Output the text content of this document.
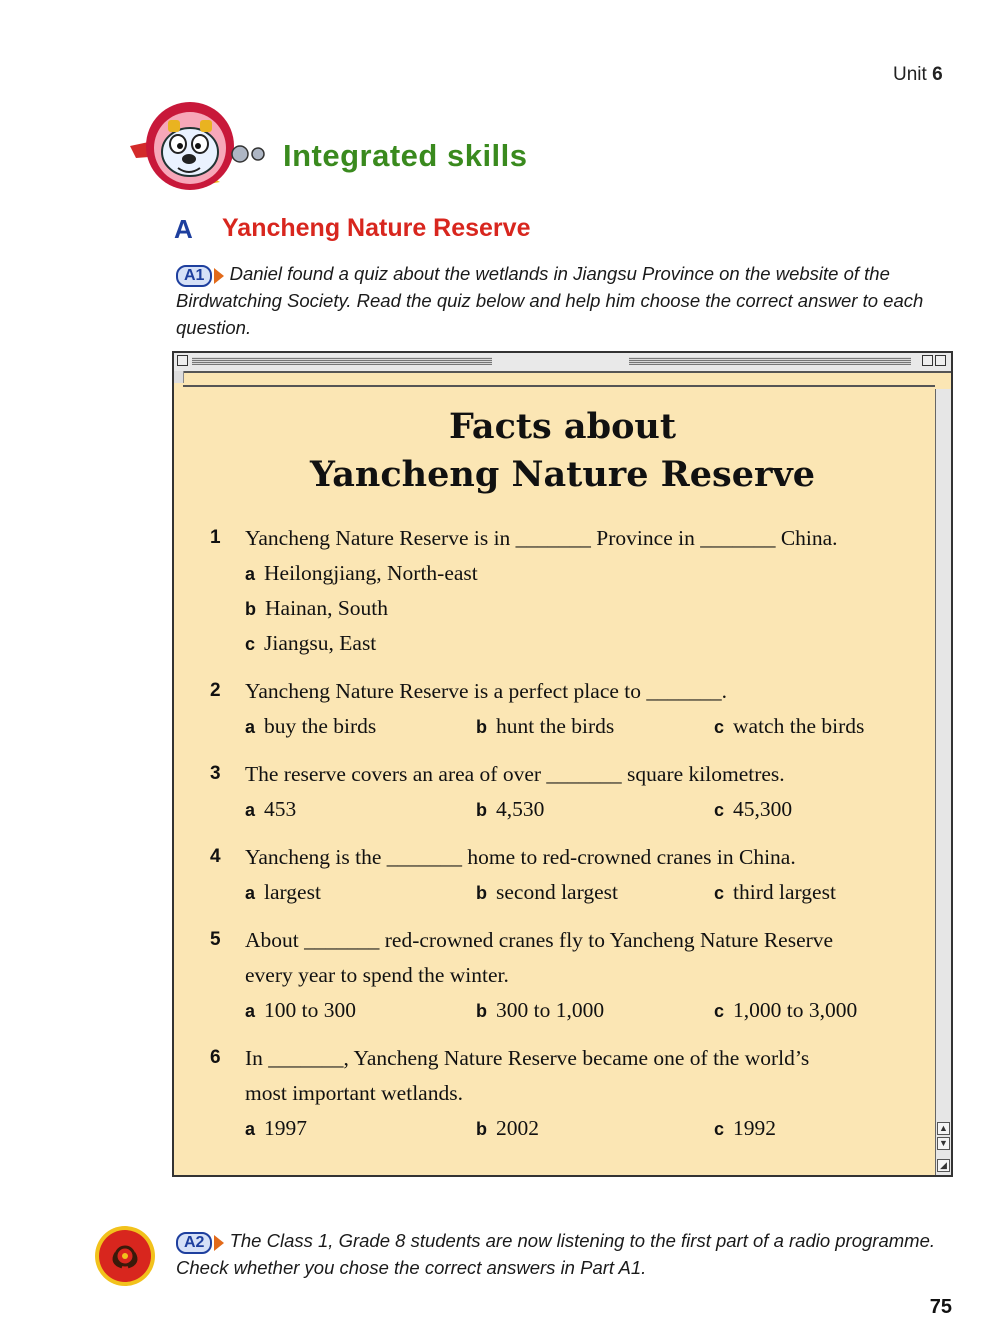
Unit 6
Integrated skills
A Yancheng Nature Reserve
A1	Daniel found a quiz about the wetlands in Jiangsu Province on the website of the Birdwatching Society. Read the quiz below and help him choose the correct answer to each question.
▲
▼
◢
Facts about
Yancheng Nature Reserve
1 Yancheng Nature Reserve is in _______ Province in _______ China.
a Heilongjiang, North-east
b Hainan, South
c Jiangsu, East
2 Yancheng Nature Reserve is a perfect place to _______.
a buy the birds	b hunt the birds	c watch the birds
3 The reserve covers an area of over _______ square kilometres.
a 453	b 4,530	c 45,300
4 Yancheng is the _______ home to red-crowned cranes in China.
a largest	b second largest	c third largest
5 About _______ red-crowned cranes fly to Yancheng Nature Reserve
every year to spend the winter.
a 100 to 300	b 300 to 1,000	c 1,000 to 3,000
6 In _______, Yancheng Nature Reserve became one of the world’s
most important wetlands.
a 1997	b 2002	c 1992
A2	The Class 1, Grade 8 students are now listening to the first part of a radio programme. Check whether you chose the correct answers in Part A1.
75
